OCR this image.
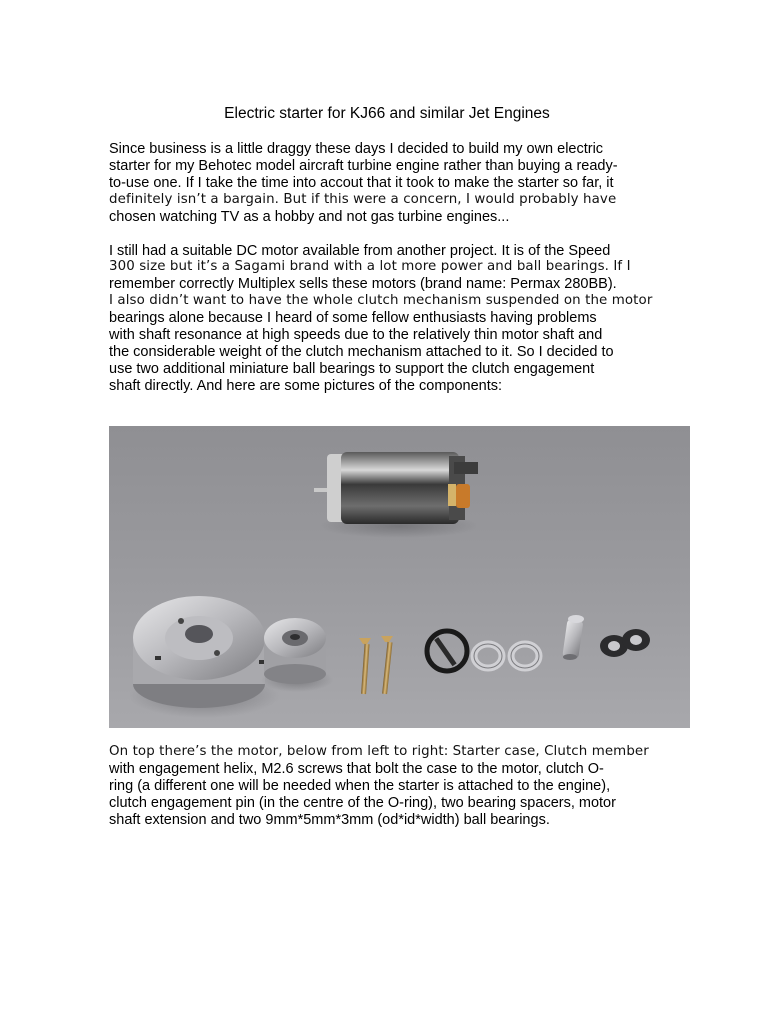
Electric starter for KJ66 and similar Jet Engines

Since business is a little draggy these days I decided to build my own electric
starter for my Behotec model aircraft turbine engine rather than buying a ready-
to-use one. If I take the time into accout that it took to make the starter so far, it
definitely isn’t a bargain. But if this were a concern, I would probably have
chosen watching TV as a hobby and not gas turbine engines...

I still had a suitable DC motor available from another project. It is of the Speed
300 size but it’s a Sagami brand with a lot more power and ball bearings. If I
remember correctly Multiplex sells these motors (brand name: Permax 280BB).
I also didn’t want to have the whole clutch mechanism suspended on the motor
bearings alone because I heard of some fellow enthusiasts having problems
with shaft resonance at high speeds due to the relatively thin motor shaft and
the considerable weight of the clutch mechanism attached to it. So I decided to
use two additional miniature ball bearings to support the clutch engagement
shaft directly. And here are some pictures of the components:

On top there’s the motor, below from left to right: Starter case, Clutch member
with engagement helix, M2.6 screws that bolt the case to the motor, clutch O-
ring (a different one will be needed when the starter is attached to the engine),
clutch engagement pin (in the centre of the O-ring), two bearing spacers, motor
shaft extension and two 9mm*5mm*3mm (od*id*width) ball bearings.
